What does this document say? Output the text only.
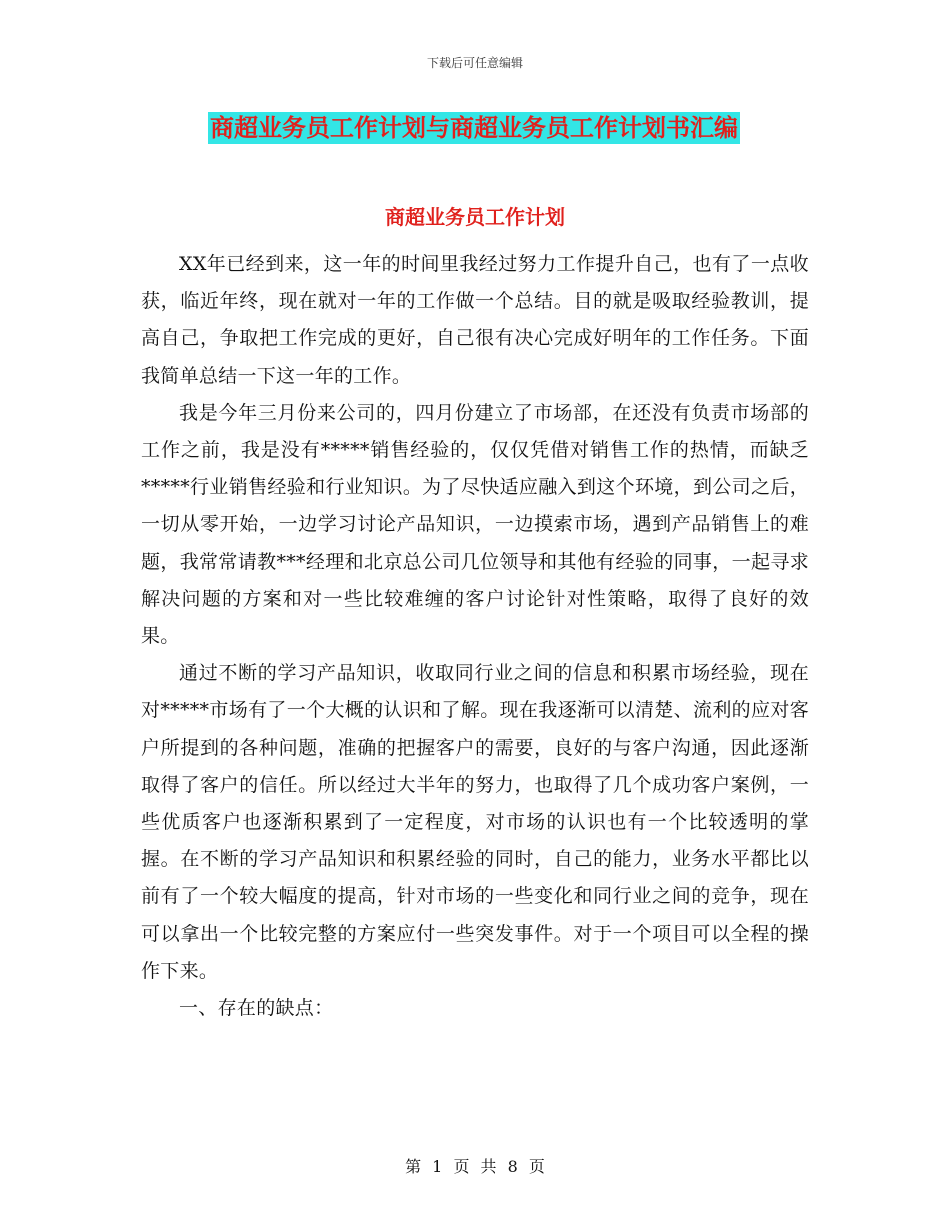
下载后可任意编辑
商超业务员工作计划与商超业务员工作计划书汇编
商超业务员工作计划

XX年已经到来，这一年的时间里我经过努力工作提升自己，也有了一点收获，临近年终，现在就对一年的工作做一个总结。目的就是吸取经验教训，提高自己，争取把工作完成的更好，自己很有决心完成好明年的工作任务。下面我简单总结一下这一年的工作。

我是今年三月份来公司的，四月份建立了市场部，在还没有负责市场部的工作之前，我是没有*****销售经验的，仅仅凭借对销售工作的热情，而缺乏*****行业销售经验和行业知识。为了尽快适应融入到这个环境，到公司之后，一切从零开始，一边学习讨论产品知识，一边摸索市场，遇到产品销售上的难题，我常常请教***经理和北京总公司几位领导和其他有经验的同事，一起寻求解决问题的方案和对一些比较难缠的客户讨论针对性策略，取得了良好的效果。

通过不断的学习产品知识，收取同行业之间的信息和积累市场经验，现在对*****市场有了一个大概的认识和了解。现在我逐渐可以清楚、流利的应对客户所提到的各种问题，准确的把握客户的需要，良好的与客户沟通，因此逐渐取得了客户的信任。所以经过大半年的努力，也取得了几个成功客户案例，一些优质客户也逐渐积累到了一定程度，对市场的认识也有一个比较透明的掌握。在不断的学习产品知识和积累经验的同时，自己的能力，业务水平都比以前有了一个较大幅度的提高，针对市场的一些变化和同行业之间的竞争，现在可以拿出一个比较完整的方案应付一些突发事件。对于一个项目可以全程的操作下来。

一、存在的缺点：

第 1 页 共 8 页
